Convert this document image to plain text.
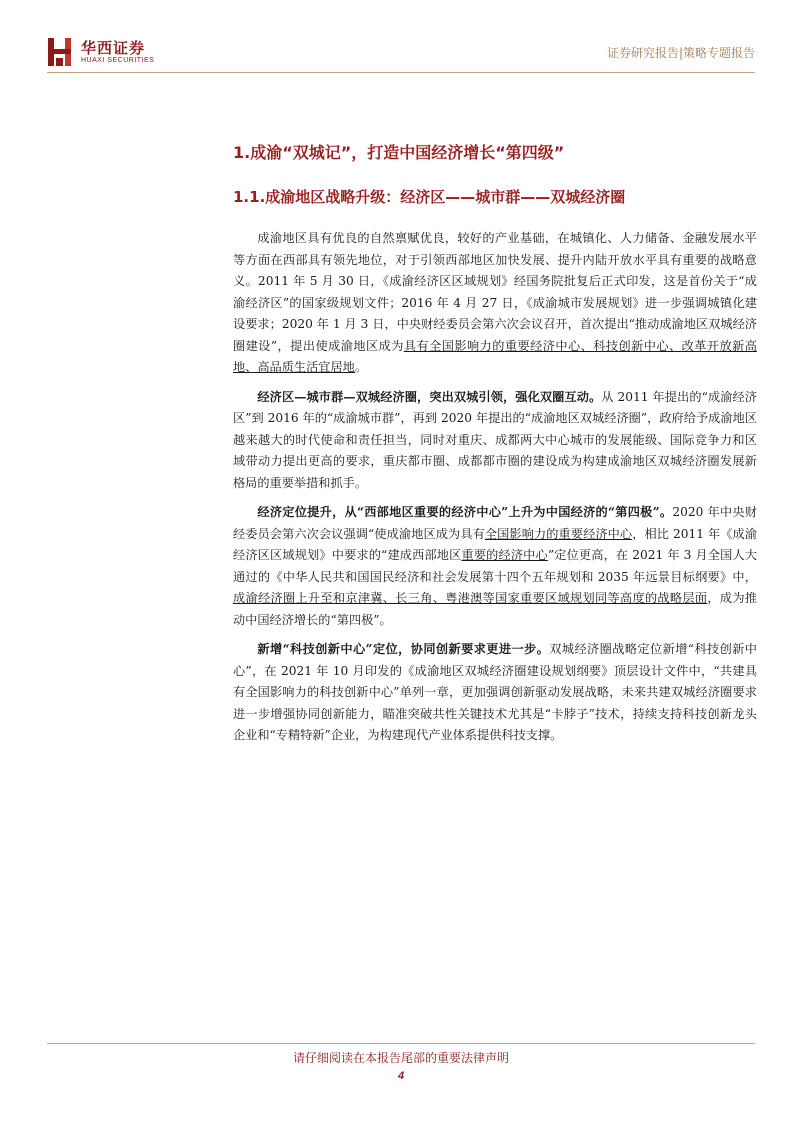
华西证券
HUAXI SECURITIES
证券研究报告|策略专题报告
1.成渝“双城记”，打造中国经济增长“第四级”
1.1.成渝地区战略升级：经济区——城市群——双城经济圈

成渝地区具有优良的自然禀赋优良，较好的产业基础，在城镇化、人力储备、金融发展水平等方面在西部具有领先地位，对于引领西部地区加快发展、提升内陆开放水平具有重要的战略意义。2011 年 5 月 30 日，《成渝经济区区域规划》经国务院批复后正式印发，这是首份关于“成渝经济区”的国家级规划文件；2016 年 4 月 27 日，《成渝城市发展规划》进一步强调城镇化建设要求；2020 年 1 月 3 日，中央财经委员会第六次会议召开，首次提出“推动成渝地区双城经济圈建设”，提出使成渝地区成为具有全国影响力的重要经济中心、科技创新中心、改革开放新高地、高品质生活宜居地。

经济区—城市群—双城经济圈，突出双城引领，强化双圈互动。从 2011 年提出的“成渝经济区”到 2016 年的“成渝城市群”，再到 2020 年提出的“成渝地区双城经济圈”，政府给予成渝地区越来越大的时代使命和责任担当，同时对重庆、成都两大中心城市的发展能级、国际竞争力和区域带动力提出更高的要求，重庆都市圈、成都都市圈的建设成为构建成渝地区双城经济圈发展新格局的重要举措和抓手。

经济定位提升，从“西部地区重要的经济中心”上升为中国经济的“第四极”。2020 年中央财经委员会第六次会议强调“使成渝地区成为具有全国影响力的重要经济中心，相比 2011 年《成渝经济区区域规划》中要求的“建成西部地区重要的经济中心”定位更高，在 2021 年 3 月全国人大通过的《中华人民共和国国民经济和社会发展第十四个五年规划和 2035 年远景目标纲要》中，成渝经济圈上升至和京津冀、长三角、粤港澳等国家重要区域规划同等高度的战略层面，成为推动中国经济增长的“第四极”。

新增“科技创新中心”定位，协同创新要求更进一步。双城经济圈战略定位新增“科技创新中心”，在 2021 年 10 月印发的《成渝地区双城经济圈建设规划纲要》顶层设计文件中，“共建具有全国影响力的科技创新中心”单列一章，更加强调创新驱动发展战略，未来共建双城经济圈要求进一步增强协同创新能力，瞄准突破共性关键技术尤其是“卡脖子”技术，持续支持科技创新龙头企业和“专精特新”企业，为构建现代产业体系提供科技支撑。

请仔细阅读在本报告尾部的重要法律声明
4
